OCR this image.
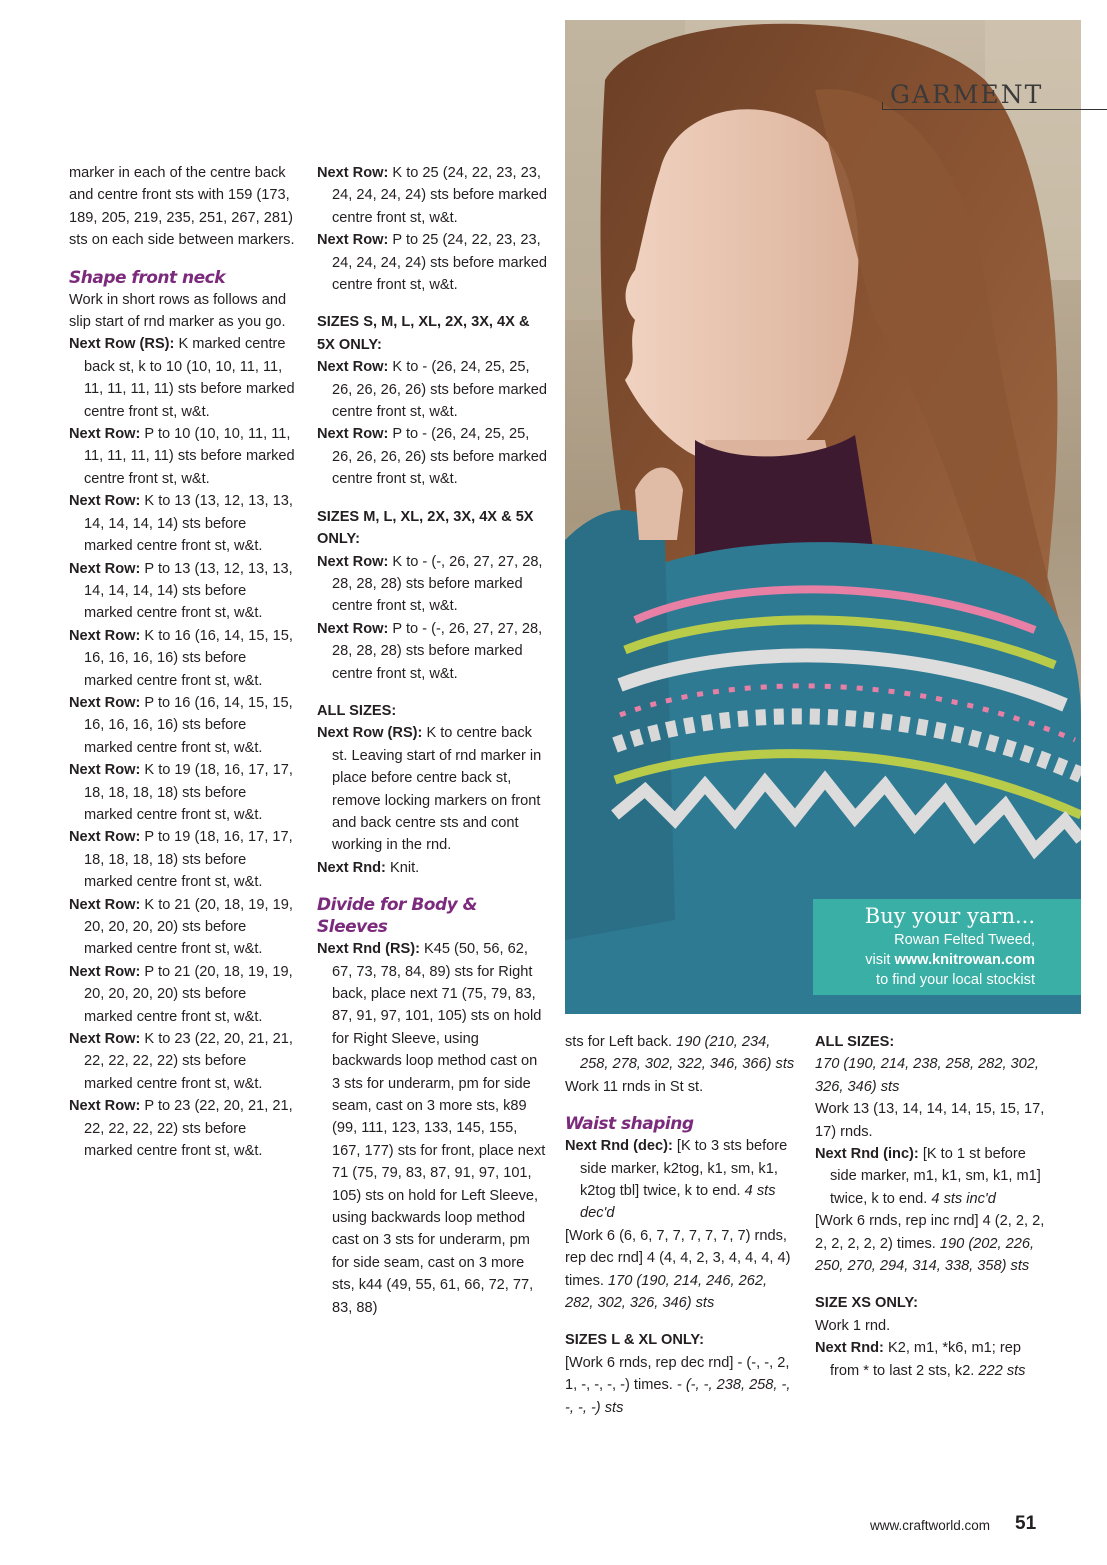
marker in each of the centre back and centre front sts with 159 (173, 189, 205, 219, 235, 251, 267, 281) sts on each side between markers.

Shape front neck

Work in short rows as follows and slip start of rnd marker as you go.

Next Row (RS): K marked centre back st, k to 10 (10, 10, 11, 11, 11, 11, 11, 11) sts before marked centre front st, w&t.

Next Row: P to 10 (10, 10, 11, 11, 11, 11, 11, 11) sts before marked centre front st, w&t.

Next Row: K to 13 (13, 12, 13, 13, 14, 14, 14, 14) sts before marked centre front st, w&t.

Next Row: P to 13 (13, 12, 13, 13, 14, 14, 14, 14) sts before marked centre front st, w&t.

Next Row: K to 16 (16, 14, 15, 15, 16, 16, 16, 16) sts before marked centre front st, w&t.

Next Row: P to 16 (16, 14, 15, 15, 16, 16, 16, 16) sts before marked centre front st, w&t.

Next Row: K to 19 (18, 16, 17, 17, 18, 18, 18, 18) sts before marked centre front st, w&t.

Next Row: P to 19 (18, 16, 17, 17, 18, 18, 18, 18) sts before marked centre front st, w&t.

Next Row: K to 21 (20, 18, 19, 19, 20, 20, 20, 20) sts before marked centre front st, w&t.

Next Row: P to 21 (20, 18, 19, 19, 20, 20, 20, 20) sts before marked centre front st, w&t.

Next Row: K to 23 (22, 20, 21, 21, 22, 22, 22, 22) sts before marked centre front st, w&t.

Next Row: P to 23 (22, 20, 21, 21, 22, 22, 22, 22) sts before marked centre front st, w&t.

Next Row: K to 25 (24, 22, 23, 23, 24, 24, 24, 24) sts before marked centre front st, w&t.

Next Row: P to 25 (24, 22, 23, 23, 24, 24, 24, 24) sts before marked centre front st, w&t.

SIZES S, M, L, XL, 2X, 3X, 4X & 5X ONLY:

Next Row: K to - (26, 24, 25, 25, 26, 26, 26, 26) sts before marked centre front st, w&t.

Next Row: P to - (26, 24, 25, 25, 26, 26, 26, 26) sts before marked centre front st, w&t.

SIZES M, L, XL, 2X, 3X, 4X & 5X ONLY:

Next Row: K to - (-, 26, 27, 27, 28, 28, 28, 28) sts before marked centre front st, w&t.

Next Row: P to - (-, 26, 27, 27, 28, 28, 28, 28) sts before marked centre front st, w&t.

ALL SIZES:

Next Row (RS): K to centre back st. Leaving start of rnd marker in place before centre back st, remove locking markers on front and back centre sts and cont working in the rnd.

Next Rnd: Knit.

Divide for Body & Sleeves

Next Rnd (RS): K45 (50, 56, 62, 67, 73, 78, 84, 89) sts for Right back, place next 71 (75, 79, 83, 87, 91, 97, 101, 105) sts on hold for Right Sleeve, using backwards loop method cast on 3 sts for underarm, pm for side seam, cast on 3 more sts, k89 (99, 111, 123, 133, 145, 155, 167, 177) sts for front, place next 71 (75, 79, 83, 87, 91, 97, 101, 105) sts on hold for Left Sleeve, using backwards loop method cast on 3 sts for underarm, pm for side seam, cast on 3 more sts, k44 (49, 55, 61, 66, 72, 77, 83, 88)

sts for Left back. 190 (210, 234, 258, 278, 302, 322, 346, 366) sts

Work 11 rnds in St st.

Waist shaping

Next Rnd (dec): [K to 3 sts before side marker, k2tog, k1, sm, k1, k2tog tbl] twice, k to end. 4 sts dec'd

[Work 6 (6, 6, 7, 7, 7, 7, 7, 7) rnds, rep dec rnd] 4 (4, 4, 2, 3, 4, 4, 4, 4) times. 170 (190, 214, 246, 262, 282, 302, 326, 346) sts

SIZES L & XL ONLY:

[Work 6 rnds, rep dec rnd] - (-, -, 2, 1, -, -, -, -) times. - (-, -, 238, 258, -, -, -, -) sts

ALL SIZES:

170 (190, 214, 238, 258, 282, 302, 326, 346) sts

Work 13 (13, 14, 14, 14, 15, 15, 17, 17) rnds.

Next Rnd (inc): [K to 1 st before side marker, m1, k1, sm, k1, m1] twice, k to end. 4 sts inc'd

[Work 6 rnds, rep inc rnd] 4 (2, 2, 2, 2, 2, 2, 2, 2) times. 190 (202, 226, 250, 270, 294, 314, 338, 358) sts

SIZE XS ONLY:

Work 1 rnd.

Next Rnd: K2, m1, *k6, m1; rep from * to last 2 sts, k2. 222 sts

GARMENT
Buy your yarn...
Rowan Felted Tweed,
visit www.knitrowan.com
to find your local stockist
www.craftworld.com 51
